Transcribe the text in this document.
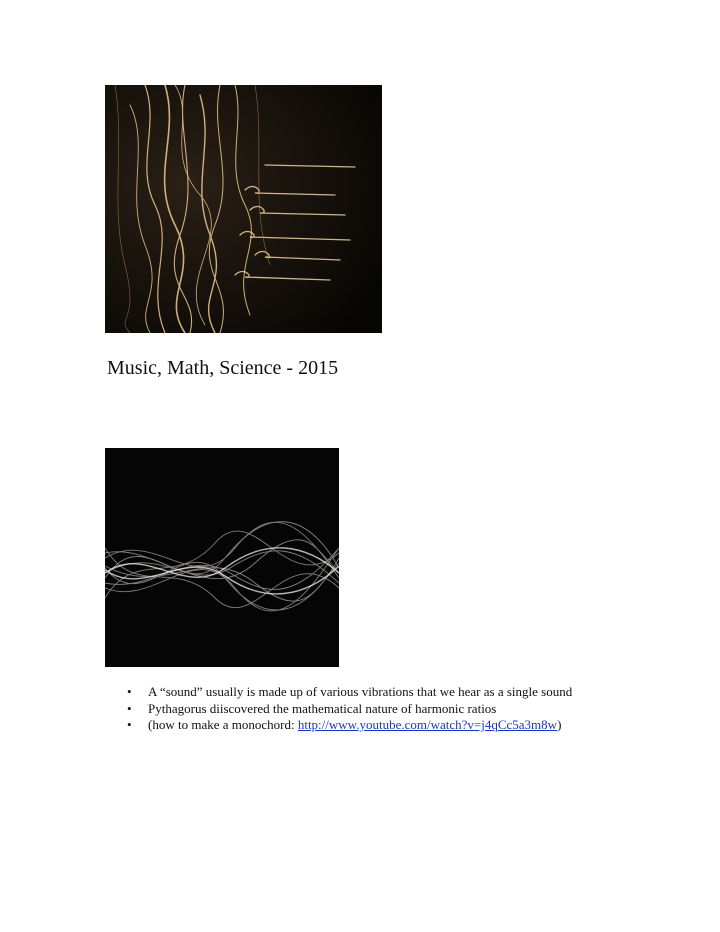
Music, Math, Science - 2015
• A “sound” usually is made up of various vibrations that we hear as a single sound
• Pythagorus diiscovered the mathematical nature of harmonic ratios
• (how to make a monochord: http://www.youtube.com/watch?v=j4qCc5a3m8w)
